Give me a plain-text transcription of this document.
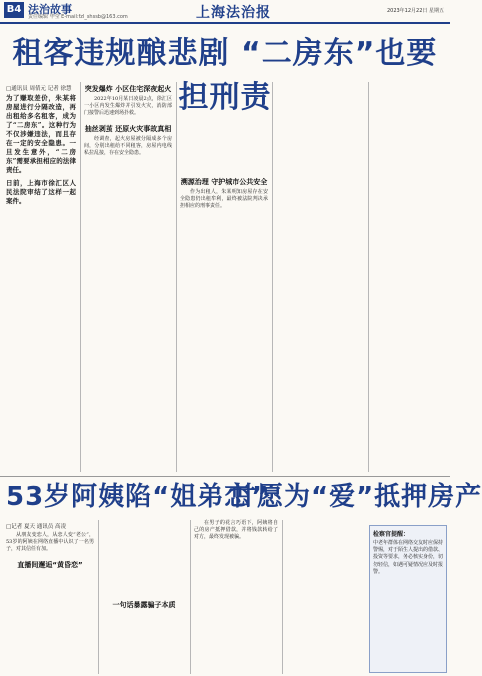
B4 法治故事
责任编辑 毕莹 E-mail:fzl_shssb@163.com	上海法治报	2023年12月22日 星期五
租客违规酿悲剧 “二房东”也要担刑责
□通讯员 周倩元 记者 徐慧
为了赚取差价，朱某将房屋进行分隔改造，再出租给多名租客，成为了“二房东”。这种行为不仅涉嫌违法，而且存在一定的安全隐患。一旦发生意外，“二房东”需要承担相应的法律责任。
日前，上海市徐汇区人民法院审结了这样一起案件。
突发爆炸 小区住宅深夜起火
2022年10月某日凌晨2点，徐汇区一小区内发生爆炸并引发火灾，消防部门接警后迅速到场扑救。
抽丝剥茧 还原火灾事故真相
经调查，起火房屋被分隔成多个房间，分别出租给不同租客，房屋内电线私拉乱接，存在安全隐患。
溯源治理 守护城市公共安全
作为出租人，朱某明知房屋存在安全隐患仍出租牟利，最终被法院判决承担相应的刑事责任。
53岁阿姨陷“姐弟恋”
甘愿为“爱”抵押房产
□记者 夏天 通讯员 高凌
从朋友变恋人，从恋人变“老公”，53岁的阿姨在网络直播中认识了一名男子，对其信任有加。
直播间邂逅“黄昏恋”
一句话暴露骗子本质
在男子的花言巧语下，阿姨将自己的房产抵押借款，并将钱款转给了对方，最终发现被骗。	检察官提醒：
中老年群体在网络交友时应保持警惕，对于陌生人提出的借款、投资等要求，务必核实身份，切勿轻信，如遇可疑情况应及时报警。
